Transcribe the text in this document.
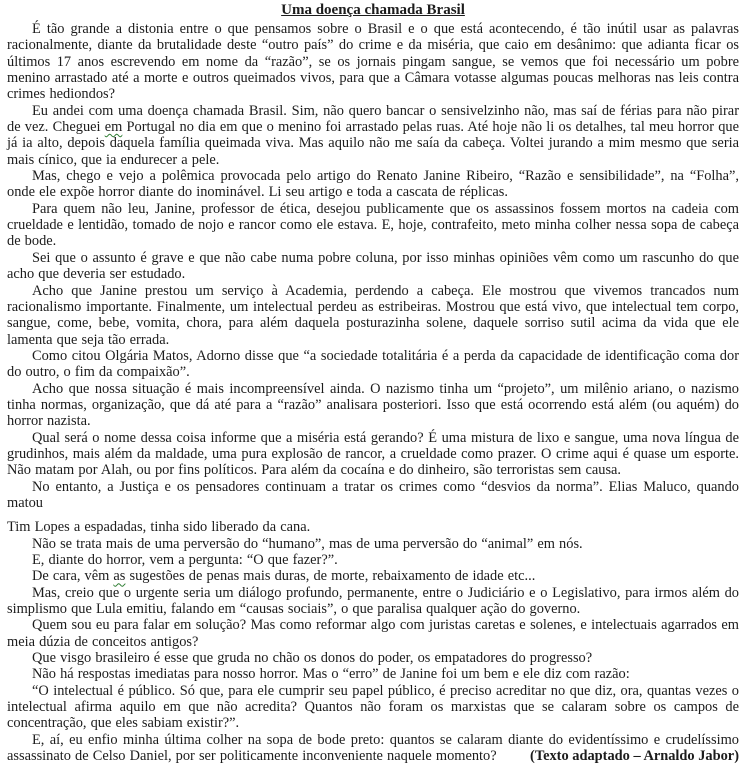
Uma doença chamada Brasil

É tão grande a distonia entre o que pensamos sobre o Brasil e o que está acontecendo, é tão inútil usar as palavras racionalmente, diante da brutalidade deste “outro país” do crime e da miséria, que caio em desânimo: que adianta ficar os últimos 17 anos escrevendo em nome da “razão”, se os jornais pingam sangue, se vemos que foi necessário um pobre menino arrastado até a morte e outros queimados vivos, para que a Câmara votasse algumas poucas melhoras nas leis contra crimes hediondos?

Eu andei com uma doença chamada Brasil. Sim, não quero bancar o sensivelzinho não, mas saí de férias para não pirar de vez. Cheguei em Portugal no dia em que o menino foi arrastado pelas ruas. Até hoje não li os detalhes, tal meu horror que já ia alto, depois daquela família queimada viva. Mas aquilo não me saía da cabeça. Voltei jurando a mim mesmo que seria mais cínico, que ia endurecer a pele.

Mas, chego e vejo a polêmica provocada pelo artigo do Renato Janine Ribeiro, “Razão e sensibilidade”, na “Folha”, onde ele expõe horror diante do inominável. Li seu artigo e toda a cascata de réplicas.

Para quem não leu, Janine, professor de ética, desejou publicamente que os assassinos fossem mortos na cadeia com crueldade e lentidão, tomado de nojo e rancor como ele estava. E, hoje, contrafeito, meto minha colher nessa sopa de cabeça de bode.

Sei que o assunto é grave e que não cabe numa pobre coluna, por isso minhas opiniões vêm como um rascunho do que acho que deveria ser estudado.

Acho que Janine prestou um serviço à Academia, perdendo a cabeça. Ele mostrou que vivemos trancados num racionalismo importante. Finalmente, um intelectual perdeu as estribeiras. Mostrou que está vivo, que intelectual tem corpo, sangue, come, bebe, vomita, chora, para além daquela posturazinha solene, daquele sorriso sutil acima da vida que ele lamenta que seja tão errada.

Como citou Olgária Matos, Adorno disse que “a sociedade totalitária é a perda da capacidade de identificação coma dor do outro, o fim da compaixão”.

Acho que nossa situação é mais incompreensível ainda. O nazismo tinha um “projeto”, um milênio ariano, o nazismo tinha normas, organização, que dá até para a “razão” analisara posteriori. Isso que está ocorrendo está além (ou aquém) do horror nazista.

Qual será o nome dessa coisa informe que a miséria está gerando? É uma mistura de lixo e sangue, uma nova língua de grudinhos, mais além da maldade, uma pura explosão de rancor, a crueldade como prazer. O crime aqui é quase um esporte. Não matam por Alah, ou por fins políticos. Para além da cocaína e do dinheiro, são terroristas sem causa.

No entanto, a Justiça e os pensadores continuam a tratar os crimes como “desvios da norma”. Elias Maluco, quando matou

Tim Lopes a espadadas, tinha sido liberado da cana.

Não se trata mais de uma perversão do “humano”, mas de uma perversão do “animal” em nós.

E, diante do horror, vem a pergunta: “O que fazer?”.

De cara, vêm as sugestões de penas mais duras, de morte, rebaixamento de idade etc...

Mas, creio que o urgente seria um diálogo profundo, permanente, entre o Judiciário e o Legislativo, para irmos além do simplismo que Lula emitiu, falando em “causas sociais”, o que paralisa qualquer ação do governo.

Quem sou eu para falar em solução? Mas como reformar algo com juristas caretas e solenes, e intelectuais agarrados em meia dúzia de conceitos antigos?

Que visgo brasileiro é esse que gruda no chão os donos do poder, os empatadores do progresso?

Não há respostas imediatas para nosso horror. Mas o “erro” de Janine foi um bem e ele diz com razão:

“O intelectual é público. Só que, para ele cumprir seu papel público, é preciso acreditar no que diz, ora, quantas vezes o intelectual afirma aquilo em que não acredita? Quantos não foram os marxistas que se calaram sobre os campos de concentração, que eles sabiam existir?”.

E, aí, eu enfio minha última colher na sopa de bode preto: quantos se calaram diante do evidentíssimo e crudelíssimo assassinato de Celso Daniel, por ser politicamente inconveniente naquele momento?	(Texto adaptado – Arnaldo Jabor)
